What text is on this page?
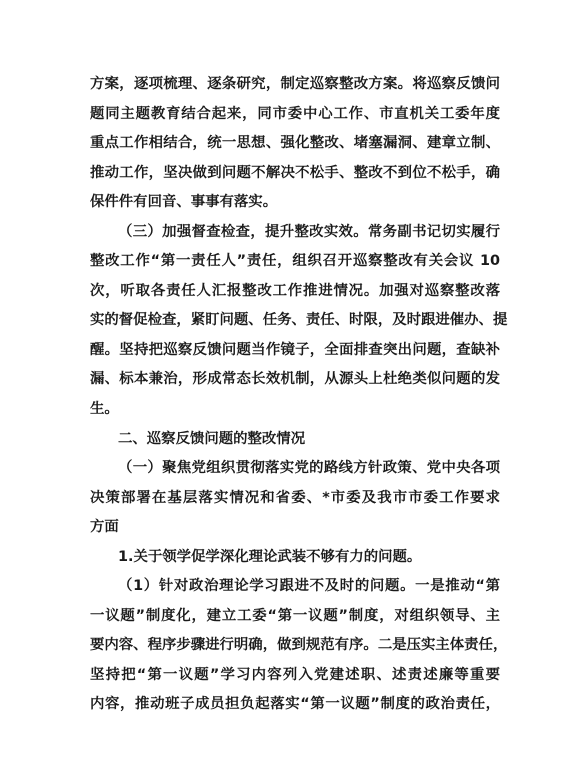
方案，逐项梳理、逐条研究，制定巡察整改方案。将巡察反馈问
题同主题教育结合起来，同市委中心工作、市直机关工委年度
重点工作相结合，统一思想、强化整改、堵塞漏洞、建章立制、
推动工作，坚决做到问题不解决不松手、整改不到位不松手，确
保件件有回音、事事有落实。
（三）加强督查检查，提升整改实效。常务副书记切实履行
整改工作“第一责任人”责任，组织召开巡察整改有关会议 10
次，听取各责任人汇报整改工作推进情况。加强对巡察整改落
实的督促检查，紧盯问题、任务、责任、时限，及时跟进催办、提
醒。坚持把巡察反馈问题当作镜子，全面排查突出问题，查缺补
漏、标本兼治，形成常态长效机制，从源头上杜绝类似问题的发
生。
二、巡察反馈问题的整改情况
（一）聚焦党组织贯彻落实党的路线方针政策、党中央各项
决策部署在基层落实情况和省委、*市委及我市市委工作要求
方面
1.关于领学促学深化理论武装不够有力的问题。
（1）针对政治理论学习跟进不及时的问题。一是推动“第
一议题”制度化，建立工委“第一议题”制度，对组织领导、主
要内容、程序步骤进行明确，做到规范有序。二是压实主体责任，
坚持把“第一议题”学习内容列入党建述职、述责述廉等重要
内容，推动班子成员担负起落实“第一议题”制度的政治责任，
